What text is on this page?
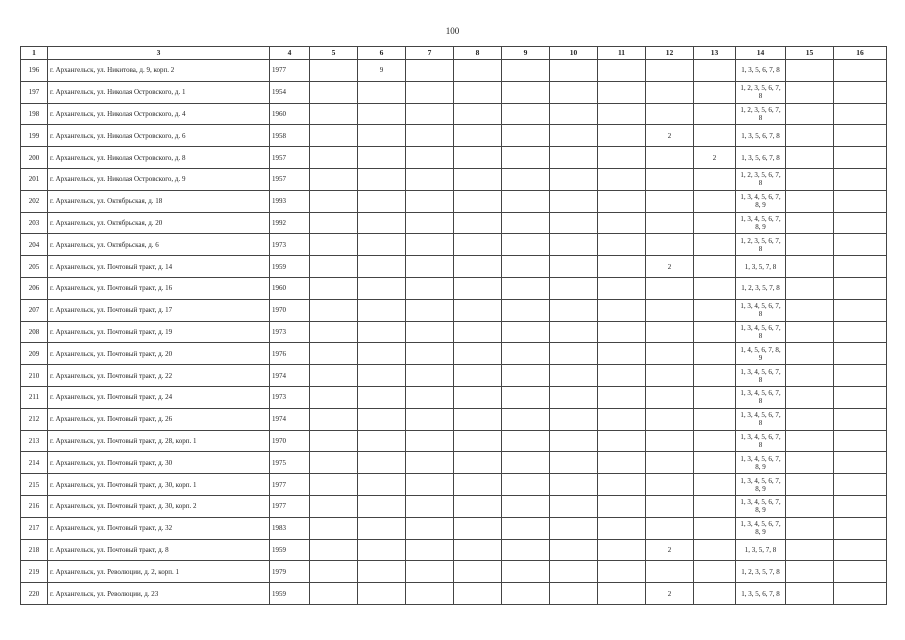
100
1	3	4	5	6	7	8	9	10	11	12	13	14	15	16
196	г. Архангельск, ул. Никитова, д. 9, корп. 2	1977		9								1, 3, 5, 6, 7, 8		
197	г. Архангельск, ул. Николая Островского, д. 1	1954										1, 2, 3, 5, 6, 7, 8		
198	г. Архангельск, ул. Николая Островского, д. 4	1960										1, 2, 3, 5, 6, 7, 8		
199	г. Архангельск, ул. Николая Островского, д. 6	1958								2		1, 3, 5, 6, 7, 8		
200	г. Архангельск, ул. Николая Островского, д. 8	1957									2	1, 3, 5, 6, 7, 8		
201	г. Архангельск, ул. Николая Островского, д. 9	1957										1, 2, 3, 5, 6, 7, 8		
202	г. Архангельск, ул. Октябрьская, д. 18	1993										1, 3, 4, 5, 6, 7, 8, 9		
203	г. Архангельск, ул. Октябрьская, д. 20	1992										1, 3, 4, 5, 6, 7, 8, 9		
204	г. Архангельск, ул. Октябрьская, д. 6	1973										1, 2, 3, 5, 6, 7, 8		
205	г. Архангельск, ул. Почтовый тракт, д. 14	1959								2		1, 3, 5, 7, 8		
206	г. Архангельск, ул. Почтовый тракт, д. 16	1960										1, 2, 3, 5, 7, 8		
207	г. Архангельск, ул. Почтовый тракт, д. 17	1970										1, 3, 4, 5, 6, 7, 8		
208	г. Архангельск, ул. Почтовый тракт, д. 19	1973										1, 3, 4, 5, 6, 7, 8		
209	г. Архангельск, ул. Почтовый тракт, д. 20	1976										1, 4, 5, 6, 7, 8, 9		
210	г. Архангельск, ул. Почтовый тракт, д. 22	1974										1, 3, 4, 5, 6, 7, 8		
211	г. Архангельск, ул. Почтовый тракт, д. 24	1973										1, 3, 4, 5, 6, 7, 8		
212	г. Архангельск, ул. Почтовый тракт, д. 26	1974										1, 3, 4, 5, 6, 7, 8		
213	г. Архангельск, ул. Почтовый тракт, д. 28, корп. 1	1970										1, 3, 4, 5, 6, 7, 8		
214	г. Архангельск, ул. Почтовый тракт, д. 30	1975										1, 3, 4, 5, 6, 7, 8, 9		
215	г. Архангельск, ул. Почтовый тракт, д. 30, корп. 1	1977										1, 3, 4, 5, 6, 7, 8, 9		
216	г. Архангельск, ул. Почтовый тракт, д. 30, корп. 2	1977										1, 3, 4, 5, 6, 7, 8, 9		
217	г. Архангельск, ул. Почтовый тракт, д. 32	1983										1, 3, 4, 5, 6, 7, 8, 9		
218	г. Архангельск, ул. Почтовый тракт, д. 8	1959								2		1, 3, 5, 7, 8		
219	г. Архангельск, ул. Революции, д. 2, корп. 1	1979										1, 2, 3, 5, 7, 8		
220	г. Архангельск, ул. Революции, д. 23	1959								2		1, 3, 5, 6, 7, 8		
